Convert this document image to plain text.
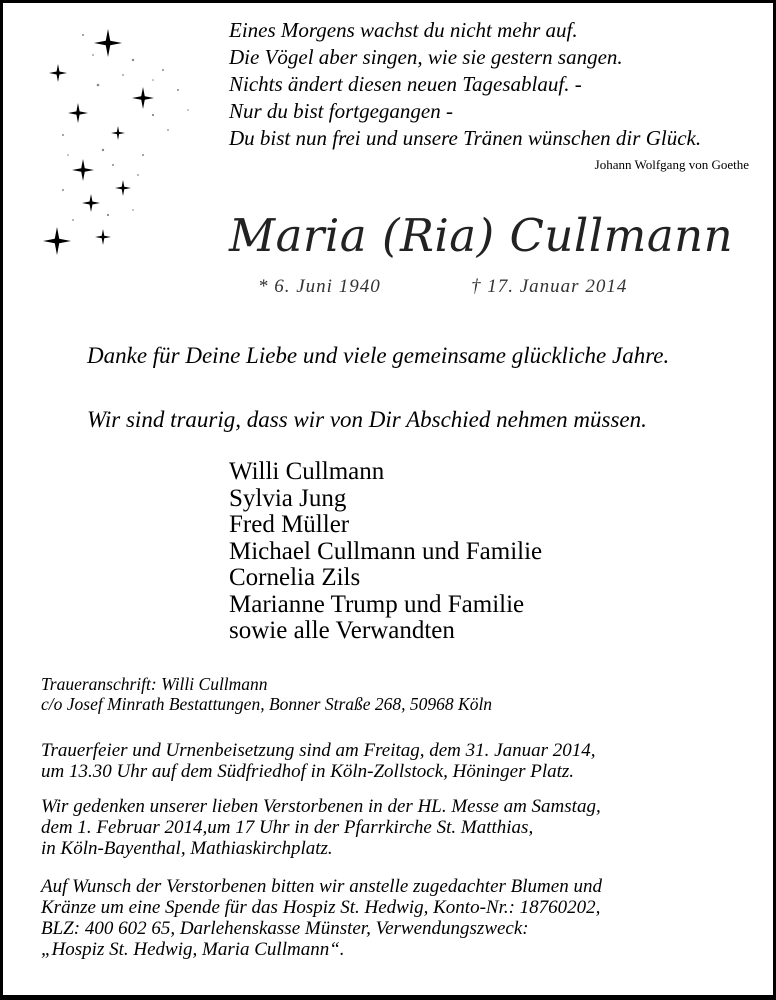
Eines Morgens wachst du nicht mehr auf.
Die Vögel aber singen, wie sie gestern sangen.
Nichts ändert diesen neuen Tagesablauf. -
Nur du bist fortgegangen -
Du bist nun frei und unsere Tränen wünschen dir Glück.
Johann Wolfgang von Goethe
Maria (Ria) Cullmann
* 6. Juni 1940	† 17. Januar 2014
Danke für Deine Liebe und viele gemeinsame glückliche Jahre.
Wir sind traurig, dass wir von Dir Abschied nehmen müssen.
Willi Cullmann
Sylvia Jung
Fred Müller
Michael Cullmann und Familie
Cornelia Zils
Marianne Trump und Familie
sowie alle Verwandten
Traueranschrift: Willi Cullmann
c/o Josef Minrath Bestattungen, Bonner Straße 268, 50968 Köln
Trauerfeier und Urnenbeisetzung sind am Freitag, dem 31. Januar 2014,
um 13.30 Uhr auf dem Südfriedhof in Köln-Zollstock, Höninger Platz.
Wir gedenken unserer lieben Verstorbenen in der HL. Messe am Samstag,
dem 1. Februar 2014,um 17 Uhr in der Pfarrkirche St. Matthias,
in Köln-Bayenthal, Mathiaskirchplatz.
Auf Wunsch der Verstorbenen bitten wir anstelle zugedachter Blumen und
Kränze um eine Spende für das Hospiz St. Hedwig, Konto-Nr.: 18760202,
BLZ: 400 602 65, Darlehenskasse Münster, Verwendungszweck:
„Hospiz St. Hedwig, Maria Cullmann“.
